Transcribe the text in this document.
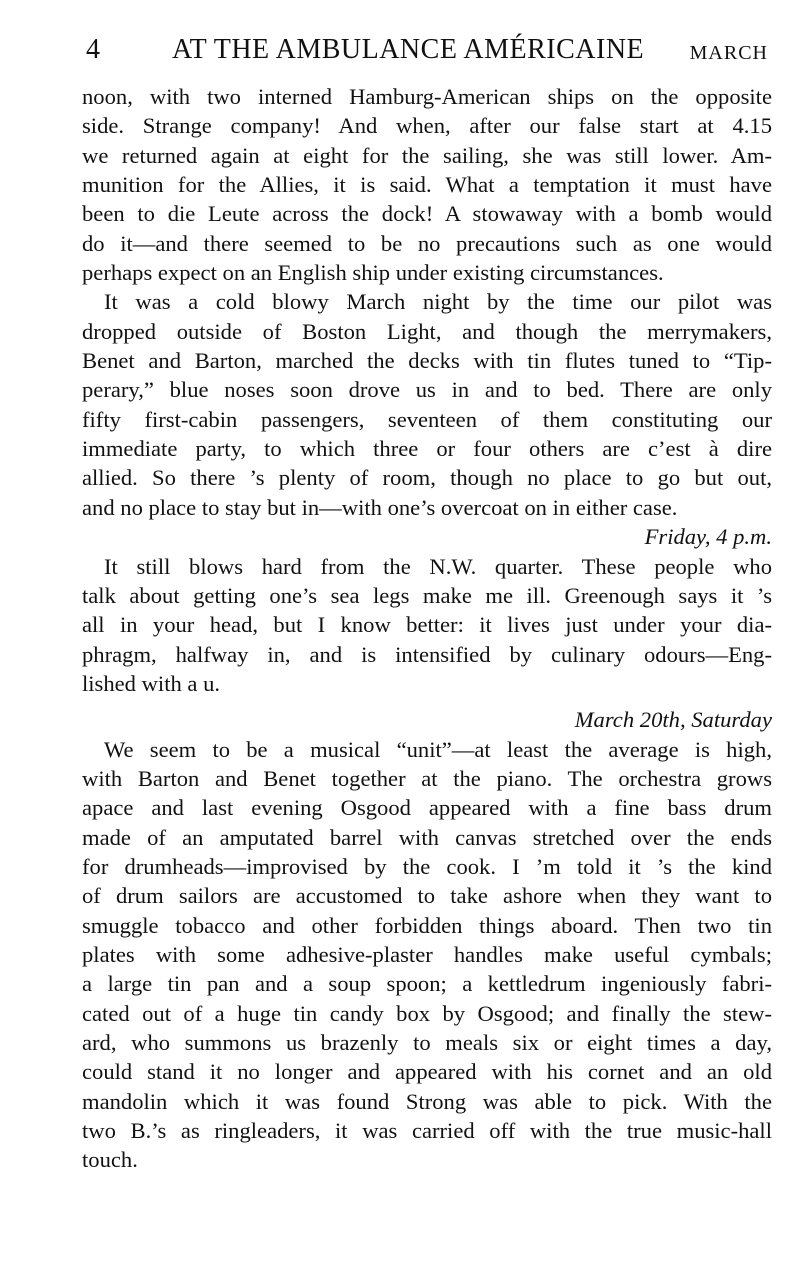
4	AT THE AMBULANCE AMÉRICAINE MARCH
noon, with two interned Hamburg-American ships on the opposite
side. Strange company! And when, after our false start at 4.15
we returned again at eight for the sailing, she was still lower. Am-
munition for the Allies, it is said. What a temptation it must have
been to die Leute across the dock! A stowaway with a bomb would
do it—and there seemed to be no precautions such as one would
perhaps expect on an English ship under existing circumstances.
It was a cold blowy March night by the time our pilot was
dropped outside of Boston Light, and though the merrymakers,
Benet and Barton, marched the decks with tin flutes tuned to “Tip-
perary,” blue noses soon drove us in and to bed. There are only
fifty first-cabin passengers, seventeen of them constituting our
immediate party, to which three or four others are c’est à dire
allied. So there ’s plenty of room, though no place to go but out,
and no place to stay but in—with one’s overcoat on in either case.
Friday, 4 p.m.
It still blows hard from the N.W. quarter. These people who
talk about getting one’s sea legs make me ill. Greenough says it ’s
all in your head, but I know better: it lives just under your dia-
phragm, halfway in, and is intensified by culinary odours—Eng-
lished with a u.
March 20th, Saturday
We seem to be a musical “unit”—at least the average is high,
with Barton and Benet together at the piano. The orchestra grows
apace and last evening Osgood appeared with a fine bass drum
made of an amputated barrel with canvas stretched over the ends
for drumheads—improvised by the cook. I ’m told it ’s the kind
of drum sailors are accustomed to take ashore when they want to
smuggle tobacco and other forbidden things aboard. Then two tin
plates with some adhesive-plaster handles make useful cymbals;
a large tin pan and a soup spoon; a kettledrum ingeniously fabri-
cated out of a huge tin candy box by Osgood; and finally the stew-
ard, who summons us brazenly to meals six or eight times a day,
could stand it no longer and appeared with his cornet and an old
mandolin which it was found Strong was able to pick. With the
two B.’s as ringleaders, it was carried off with the true music-hall
touch.
